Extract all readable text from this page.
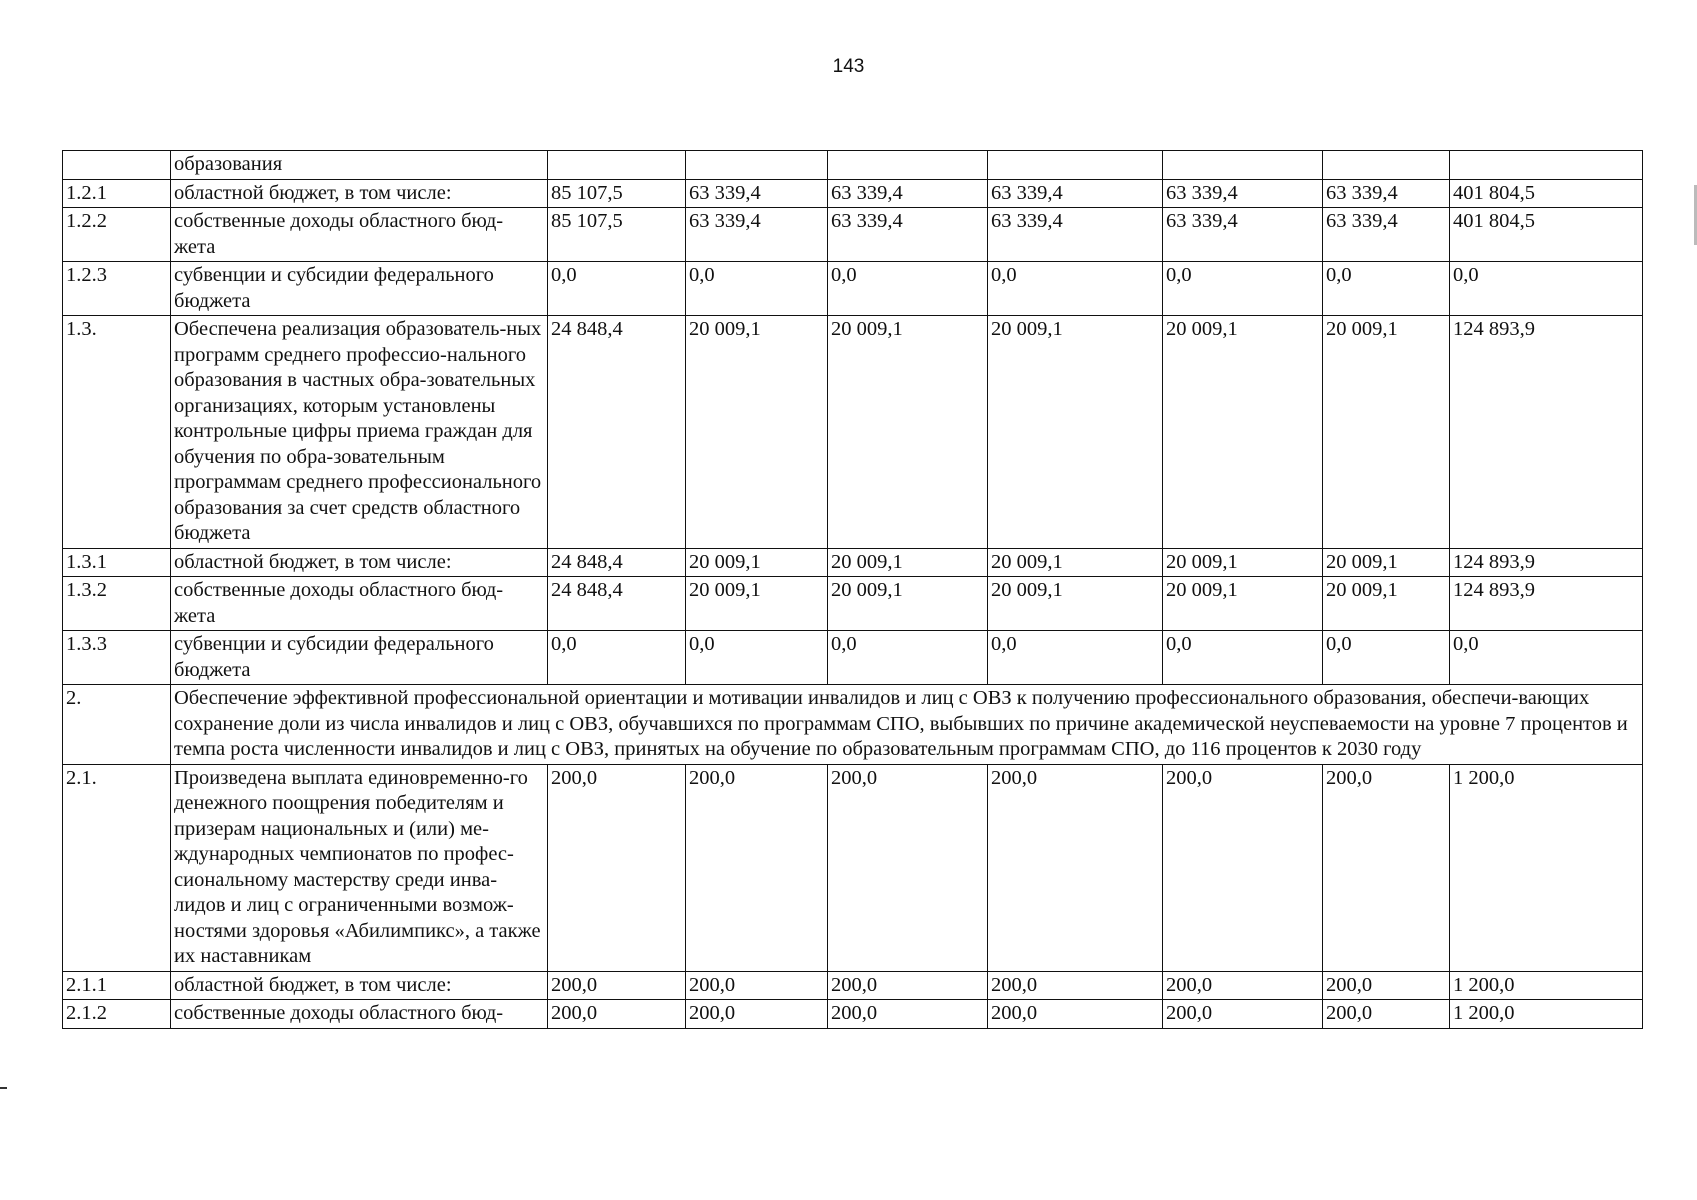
143
	образования							
1.2.1	областной бюджет, в том числе:	85 107,5	63 339,4	63 339,4	63 339,4	63 339,4	63 339,4	401 804,5
1.2.2	собственные доходы областного бюд-жета	85 107,5	63 339,4	63 339,4	63 339,4	63 339,4	63 339,4	401 804,5
1.2.3	субвенции и субсидии федерального бюджета	0,0	0,0	0,0	0,0	0,0	0,0	0,0
1.3.	Обеспечена реализация образователь-ных программ среднего профессио-нального образования в частных обра-зовательных организациях, которым установлены контрольные цифры приема граждан для обучения по обра-зовательным программам среднего профессионального образования за счет средств областного бюджета	24 848,4	20 009,1	20 009,1	20 009,1	20 009,1	20 009,1	124 893,9
1.3.1	областной бюджет, в том числе:	24 848,4	20 009,1	20 009,1	20 009,1	20 009,1	20 009,1	124 893,9
1.3.2	собственные доходы областного бюд-жета	24 848,4	20 009,1	20 009,1	20 009,1	20 009,1	20 009,1	124 893,9
1.3.3	субвенции и субсидии федерального бюджета	0,0	0,0	0,0	0,0	0,0	0,0	0,0
2.	Обеспечение эффективной профессиональной ориентации и мотивации инвалидов и лиц с ОВЗ к получению профессионального образования, обеспечи-вающих сохранение доли из числа инвалидов и лиц с ОВЗ, обучавшихся по программам СПО, выбывших по причине академической неуспеваемости на уровне 7 процентов и темпа роста численности инвалидов и лиц с ОВЗ, принятых на обучение по образовательным программам СПО, до 116 процентов к 2030 году							
2.1.	Произведена выплата единовременно-го денежного поощрения победителям и призерам национальных и (или) ме-ждународных чемпионатов по профес-сиональному мастерству среди инва-лидов и лиц с ограниченными возмож-ностями здоровья «Абилимпикс», а также их наставникам	200,0	200,0	200,0	200,0	200,0	200,0	1 200,0
2.1.1	областной бюджет, в том числе:	200,0	200,0	200,0	200,0	200,0	200,0	1 200,0
2.1.2	собственные доходы областного бюд-	200,0	200,0	200,0	200,0	200,0	200,0	1 200,0
